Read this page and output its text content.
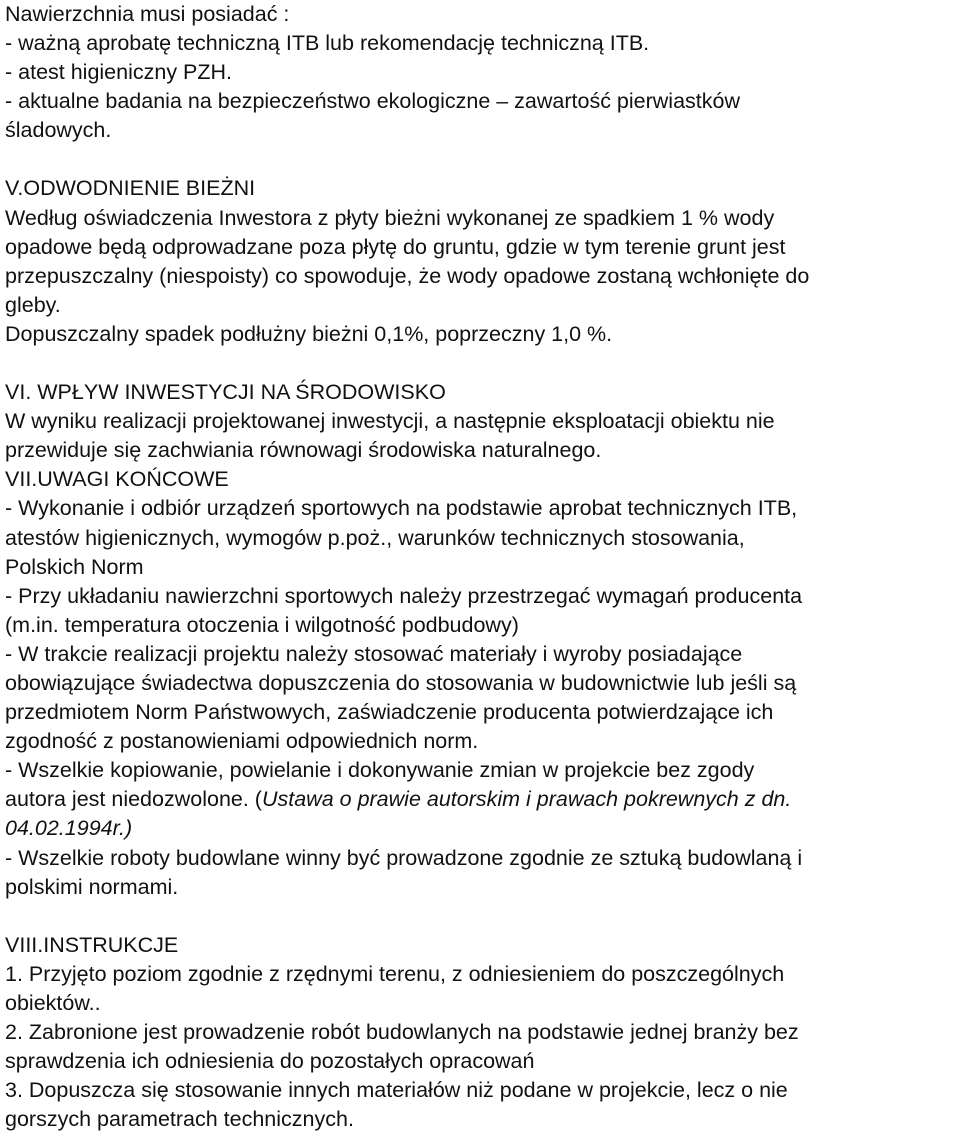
Nawierzchnia musi posiadać :
- ważną aprobatę techniczną ITB lub rekomendację techniczną ITB.
- atest higieniczny PZH.
- aktualne badania na bezpieczeństwo ekologiczne – zawartość pierwiastków
śladowych.
V.ODWODNIENIE BIEŻNI
Według oświadczenia Inwestora z płyty bieżni wykonanej ze spadkiem 1 % wody
opadowe będą odprowadzane poza płytę do gruntu, gdzie w tym terenie grunt jest
przepuszczalny (niespoisty) co spowoduje, że wody opadowe zostaną wchłonięte do
gleby.
Dopuszczalny spadek podłużny bieżni 0,1%, poprzeczny 1,0 %.
VI. WPŁYW INWESTYCJI NA ŚRODOWISKO
W wyniku realizacji projektowanej inwestycji, a następnie eksploatacji obiektu nie
przewiduje się zachwiania równowagi środowiska naturalnego.
VII.UWAGI KOŃCOWE
- Wykonanie i odbiór urządzeń sportowych na podstawie aprobat technicznych ITB,
atestów higienicznych, wymogów p.poż., warunków technicznych stosowania,
Polskich Norm
- Przy układaniu nawierzchni sportowych należy przestrzegać wymagań producenta
(m.in. temperatura otoczenia i wilgotność podbudowy)
- W trakcie realizacji projektu należy stosować materiały i wyroby posiadające
obowiązujące świadectwa dopuszczenia do stosowania w budownictwie lub jeśli są
przedmiotem Norm Państwowych, zaświadczenie producenta potwierdzające ich
zgodność z postanowieniami odpowiednich norm.
- Wszelkie kopiowanie, powielanie i dokonywanie zmian w projekcie bez zgody
autora jest niedozwolone. (Ustawa o prawie autorskim i prawach pokrewnych z dn.
04.02.1994r.)
- Wszelkie roboty budowlane winny być prowadzone zgodnie ze sztuką budowlaną i
polskimi normami.
VIII.INSTRUKCJE
1. Przyjęto poziom zgodnie z rzędnymi terenu, z odniesieniem do poszczególnych
obiektów..
2. Zabronione jest prowadzenie robót budowlanych na podstawie jednej branży bez
sprawdzenia ich odniesienia do pozostałych opracowań
3. Dopuszcza się stosowanie innych materiałów niż podane w projekcie, lecz o nie
gorszych parametrach technicznych.
